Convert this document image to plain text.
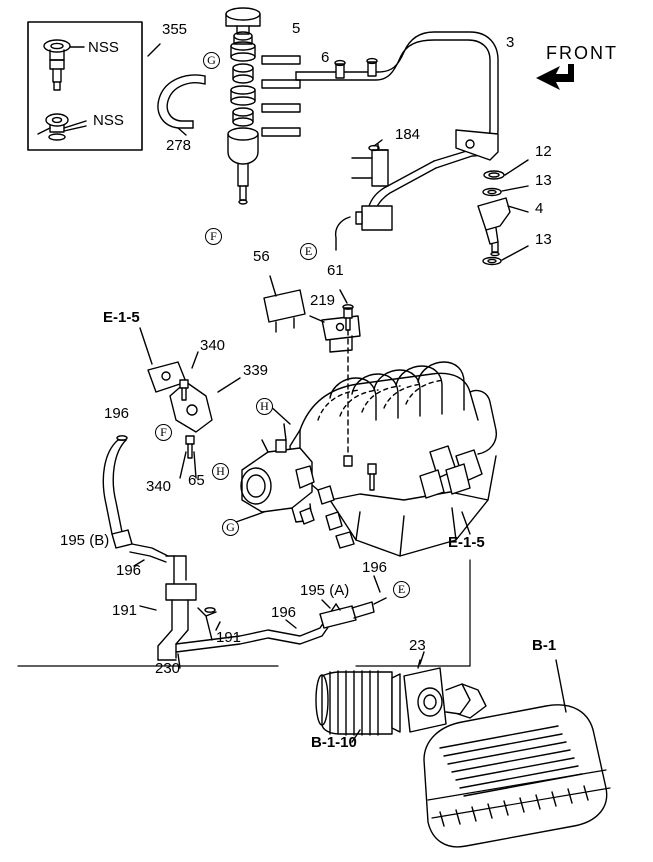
FRONT
NSS
NSS
355	5
6
3
278
184
12
13
4
13
56
61
219
E-1-5
340
339
196
340 65
E-1-5
195 (B)
196
191
191
230
196
195 (A)
196
23	B-1
B-1-10
G
F
E
F
H
H
G
E
